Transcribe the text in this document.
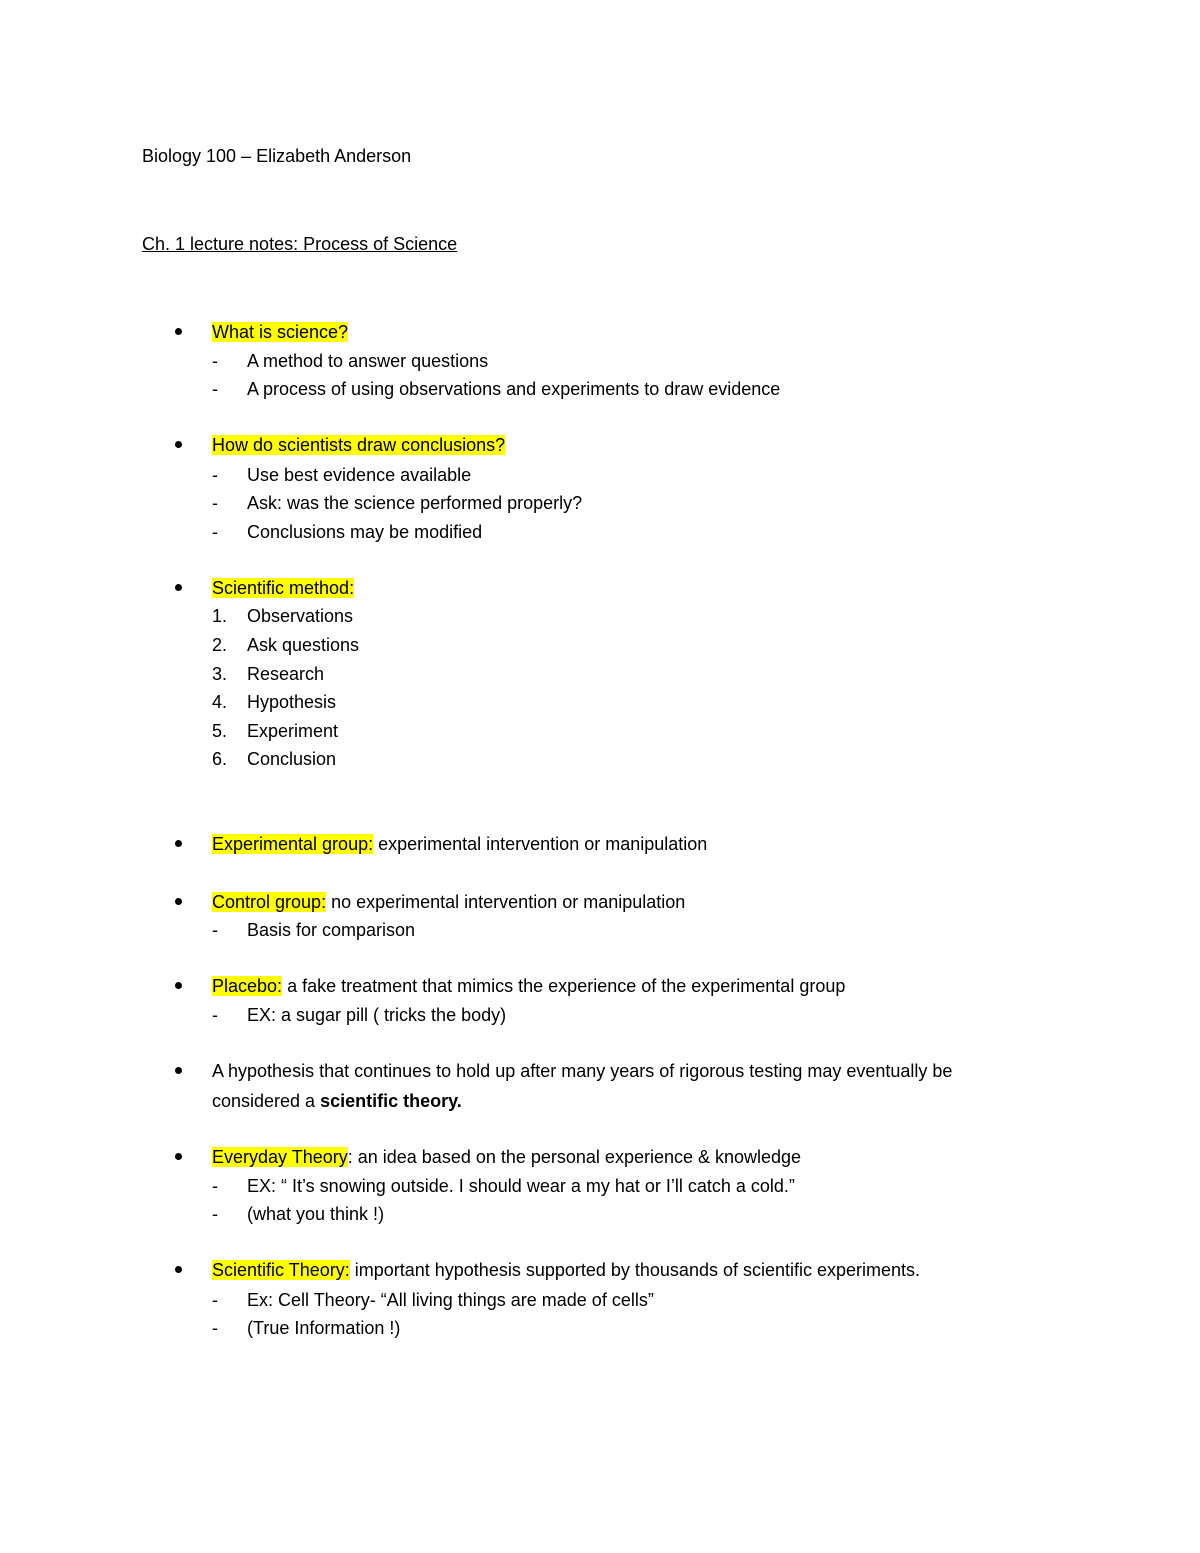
Biology 100 – Elizabeth Anderson
Ch. 1 lecture notes: Process of Science
What is science?
- A method to answer questions
- A process of using observations and experiments to draw evidence
How do scientists draw conclusions?
- Use best evidence available
- Ask: was the science performed properly?
- Conclusions may be modified
Scientific method:
1. Observations
2. Ask questions
3. Research
4. Hypothesis
5. Experiment
6. Conclusion
Experimental group: experimental intervention or manipulation
Control group: no experimental intervention or manipulation
- Basis for comparison
Placebo: a fake treatment that mimics the experience of the experimental group
- EX: a sugar pill ( tricks the body)
A hypothesis that continues to hold up after many years of rigorous testing may eventually be
considered a scientific theory.
Everyday Theory: an idea based on the personal experience & knowledge
- EX: “ It’s snowing outside. I should wear a my hat or I’ll catch a cold.”
- (what you think !)
Scientific Theory: important hypothesis supported by thousands of scientific experiments.
- Ex: Cell Theory- “All living things are made of cells”
- (True Information !)
